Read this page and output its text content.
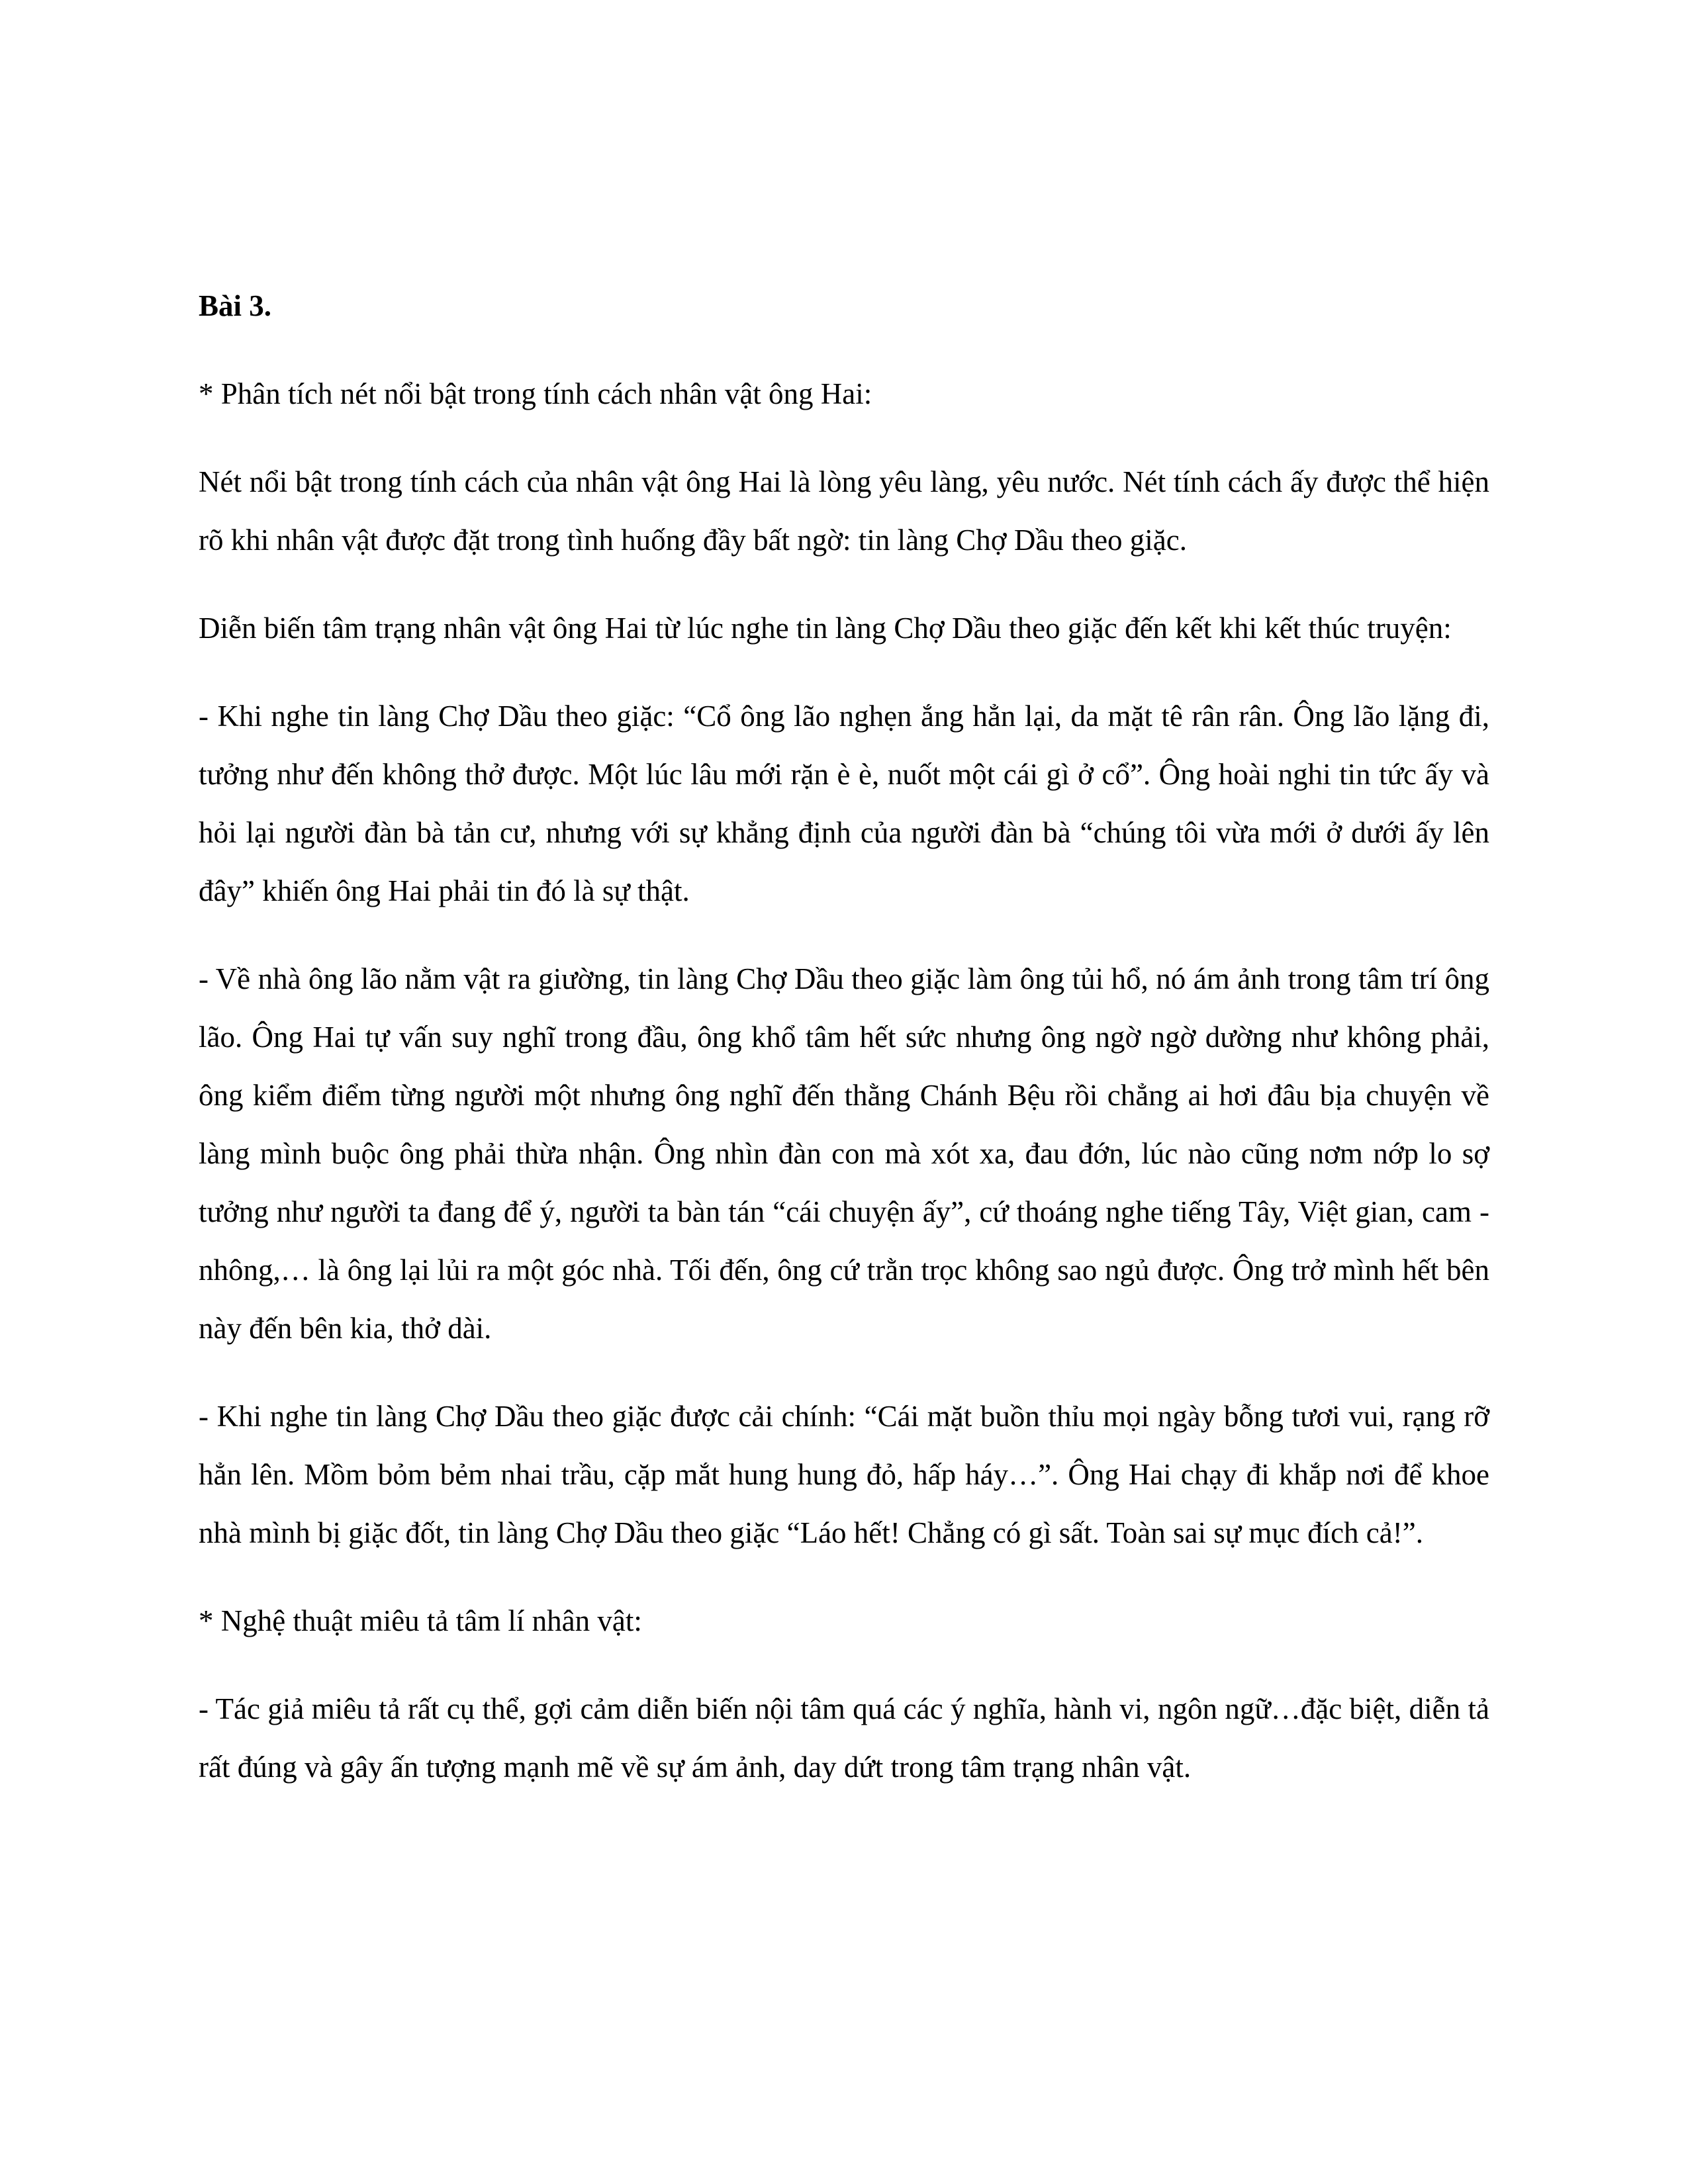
Bài 3.

* Phân tích nét nổi bật trong tính cách nhân vật ông Hai:

Nét nổi bật trong tính cách của nhân vật ông Hai là lòng yêu làng, yêu nước. Nét tính cách ấy được thể hiện rõ khi nhân vật được đặt trong tình huống đầy bất ngờ: tin làng Chợ Dầu theo giặc.

Diễn biến tâm trạng nhân vật ông Hai từ lúc nghe tin làng Chợ Dầu theo giặc đến kết khi kết thúc truyện:

- Khi nghe tin làng Chợ Dầu theo giặc: “Cổ ông lão nghẹn ắng hẳn lại, da mặt tê rân rân. Ông lão lặng đi, tưởng như đến không thở được. Một lúc lâu mới rặn è è, nuốt một cái gì ở cổ”. Ông hoài nghi tin tức ấy và hỏi lại người đàn bà tản cư, nhưng với sự khẳng định của người đàn bà “chúng tôi vừa mới ở dưới ấy lên đây” khiến ông Hai phải tin đó là sự thật.

- Về nhà ông lão nằm vật ra giường, tin làng Chợ Dầu theo giặc làm ông tủi hổ, nó ám ảnh trong tâm trí ông lão. Ông Hai tự vấn suy nghĩ trong đầu, ông khổ tâm hết sức nhưng ông ngờ ngờ dường như không phải, ông kiểm điểm từng người một nhưng ông nghĩ đến thằng Chánh Bệu rồi chẳng ai hơi đâu bịa chuyện về làng mình buộc ông phải thừa nhận. Ông nhìn đàn con mà xót xa, đau đớn, lúc nào cũng nơm nớp lo sợ tưởng như người ta đang để ý, người ta bàn tán “cái chuyện ấy”, cứ thoáng nghe tiếng Tây, Việt gian, cam - nhông,… là ông lại lủi ra một góc nhà. Tối đến, ông cứ trằn trọc không sao ngủ được. Ông trở mình hết bên này đến bên kia, thở dài.

- Khi nghe tin làng Chợ Dầu theo giặc được cải chính: “Cái mặt buồn thỉu mọi ngày bỗng tươi vui, rạng rỡ hẳn lên. Mồm bỏm bẻm nhai trầu, cặp mắt hung hung đỏ, hấp háy…”. Ông Hai chạy đi khắp nơi để khoe nhà mình bị giặc đốt, tin làng Chợ Dầu theo giặc “Láo hết! Chẳng có gì sất. Toàn sai sự mục đích cả!”.

* Nghệ thuật miêu tả tâm lí nhân vật:

- Tác giả miêu tả rất cụ thể, gợi cảm diễn biến nội tâm quá các ý nghĩa, hành vi, ngôn ngữ…đặc biệt, diễn tả rất đúng và gây ấn tượng mạnh mẽ về sự ám ảnh, day dứt trong tâm trạng nhân vật.
